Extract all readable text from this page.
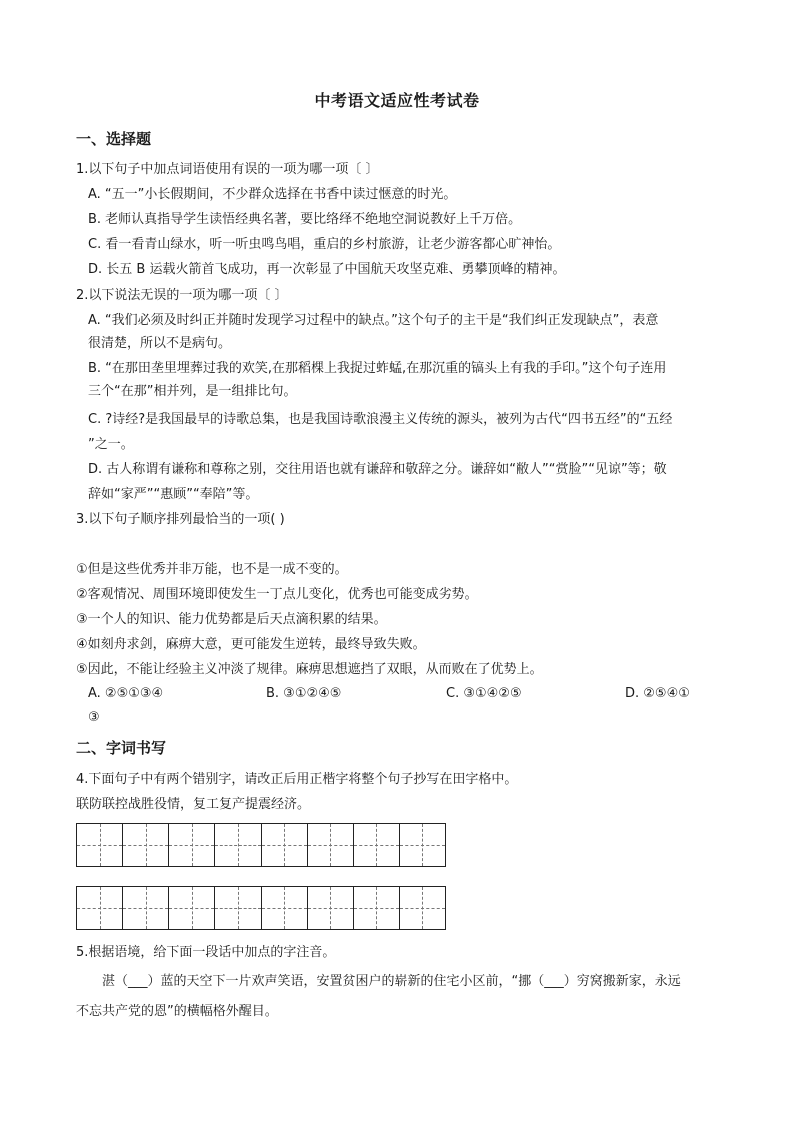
中考语文适应性考试卷
一、选择题
1.以下句子中加点词语使用有误的一项为哪一项〔 〕
A. “五一”小长假期间，不少群众选择在书香中读过惬意的时光。
B. 老师认真指导学生读悟经典名著，要比络绎不绝地空洞说教好上千万倍。
C. 看一看青山绿水，听一听虫鸣鸟唱，重启的乡村旅游，让老少游客都心旷神怡。
D. 长五 B 运载火箭首飞成功，再一次彰显了中国航天攻坚克难、勇攀顶峰的精神。
2.以下说法无误的一项为哪一项〔 〕
A. “我们必须及时纠正并随时发现学习过程中的缺点。”这个句子的主干是“我们纠正发现缺点”，表意
很清楚，所以不是病句。
B. “在那田垄里埋葬过我的欢笑,在那稻棵上我捉过蚱蜢,在那沉重的镐头上有我的手印。”这个句子连用
三个“在那”相并列，是一组排比句。
C. ?诗经?是我国最早的诗歌总集，也是我国诗歌浪漫主义传统的源头，被列为古代“四书五经”的“五经
”之一。
D. 古人称谓有谦称和尊称之别，交往用语也就有谦辞和敬辞之分。谦辞如“敝人”“赏脸”“见谅”等；敬
辞如“家严”“惠顾”“奉陪”等。
3.以下句子顺序排列最恰当的一项( )
①但是这些优秀并非万能，也不是一成不变的。
②客观情况、周围环境即使发生一丁点儿变化，优秀也可能变成劣势。
③一个人的知识、能力优势都是后天点滴积累的结果。
④如刻舟求剑，麻痹大意，更可能发生逆转，最终导致失败。
⑤因此，不能让经验主义冲淡了规律。麻痹思想遮挡了双眼，从而败在了优势上。
A. ②⑤①③④	B. ③①②④⑤	C. ③①④②⑤	D. ②⑤④①
③
二、字词书写
4.下面句子中有两个错别字，请改正后用正楷字将整个句子抄写在田字格中。
联防联控战胜役情，复工复产提震经济。
5.根据语境，给下面一段话中加点的字注音。
湛（___）蓝的天空下一片欢声笑语，安置贫困户的崭新的住宅小区前，“挪（___）穷窝搬新家，永远
不忘共产党的恩”的横幅格外醒目。
